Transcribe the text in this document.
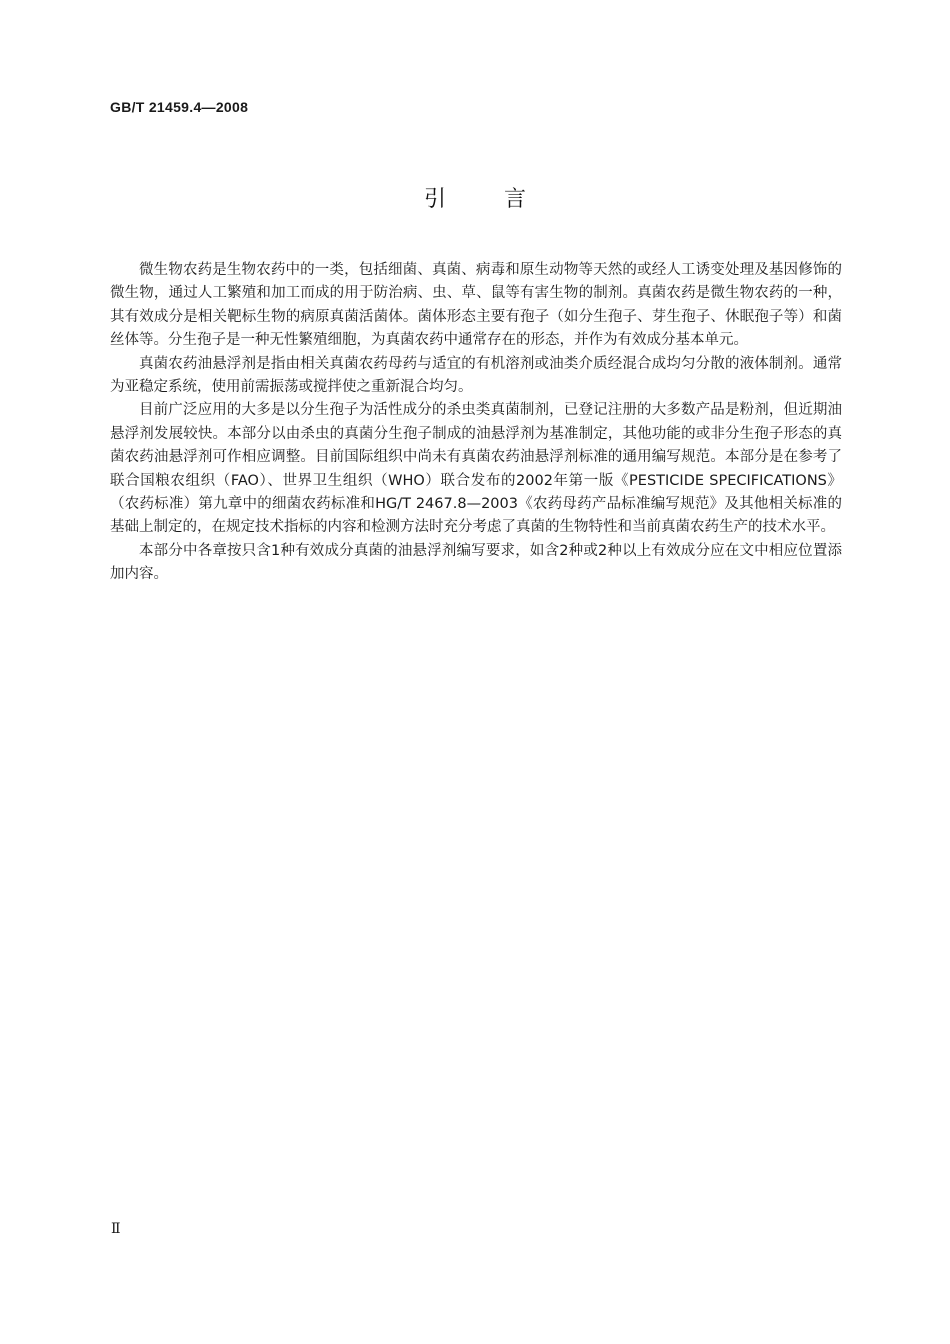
GB/T 21459.4—2008
引	言

微生物农药是生物农药中的一类，包括细菌、真菌、病毒和原生动物等天然的或经人工诱变处理及基因修饰的微生物，通过人工繁殖和加工而成的用于防治病、虫、草、鼠等有害生物的制剂。真菌农药是微生物农药的一种，其有效成分是相关靶标生物的病原真菌活菌体。菌体形态主要有孢子（如分生孢子、芽生孢子、休眠孢子等）和菌丝体等。分生孢子是一种无性繁殖细胞，为真菌农药中通常存在的形态，并作为有效成分基本单元。

真菌农药油悬浮剂是指由相关真菌农药母药与适宜的有机溶剂或油类介质经混合成均匀分散的液体制剂。通常为亚稳定系统，使用前需振荡或搅拌使之重新混合均匀。

目前广泛应用的大多是以分生孢子为活性成分的杀虫类真菌制剂，已登记注册的大多数产品是粉剂，但近期油悬浮剂发展较快。本部分以由杀虫的真菌分生孢子制成的油悬浮剂为基准制定，其他功能的或非分生孢子形态的真菌农药油悬浮剂可作相应调整。目前国际组织中尚未有真菌农药油悬浮剂标准的通用编写规范。本部分是在参考了联合国粮农组织（FAO）、世界卫生组织（WHO）联合发布的2002年第一版《PESTICIDE SPECIFICATIONS》（农药标准）第九章中的细菌农药标准和HG/T 2467.8—2003《农药母药产品标准编写规范》及其他相关标准的基础上制定的，在规定技术指标的内容和检测方法时充分考虑了真菌的生物特性和当前真菌农药生产的技术水平。

本部分中各章按只含1种有效成分真菌的油悬浮剂编写要求，如含2种或2种以上有效成分应在文中相应位置添加内容。

Ⅱ
